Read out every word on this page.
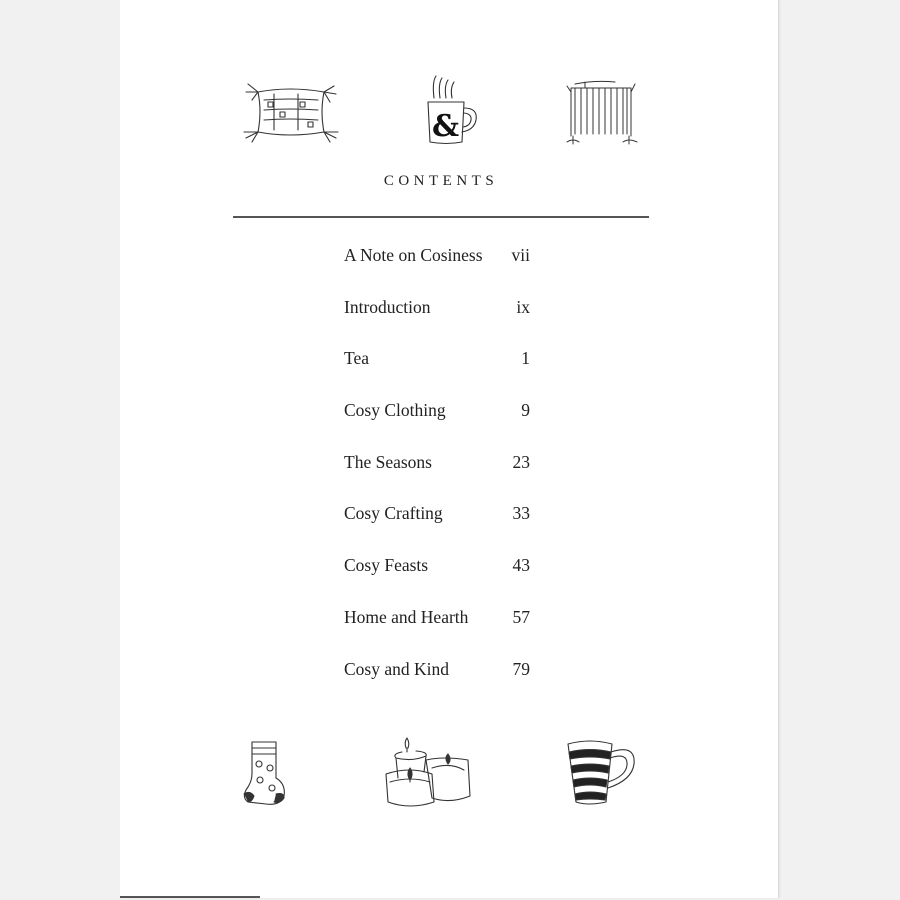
&
CONTENTS
A Note on Cosiness vii
Introduction	ix
Tea	1
Cosy Clothing	9
The Seasons	23
Cosy Crafting	33
Cosy Feasts	43
Home and Hearth	57
Cosy and Kind	79
